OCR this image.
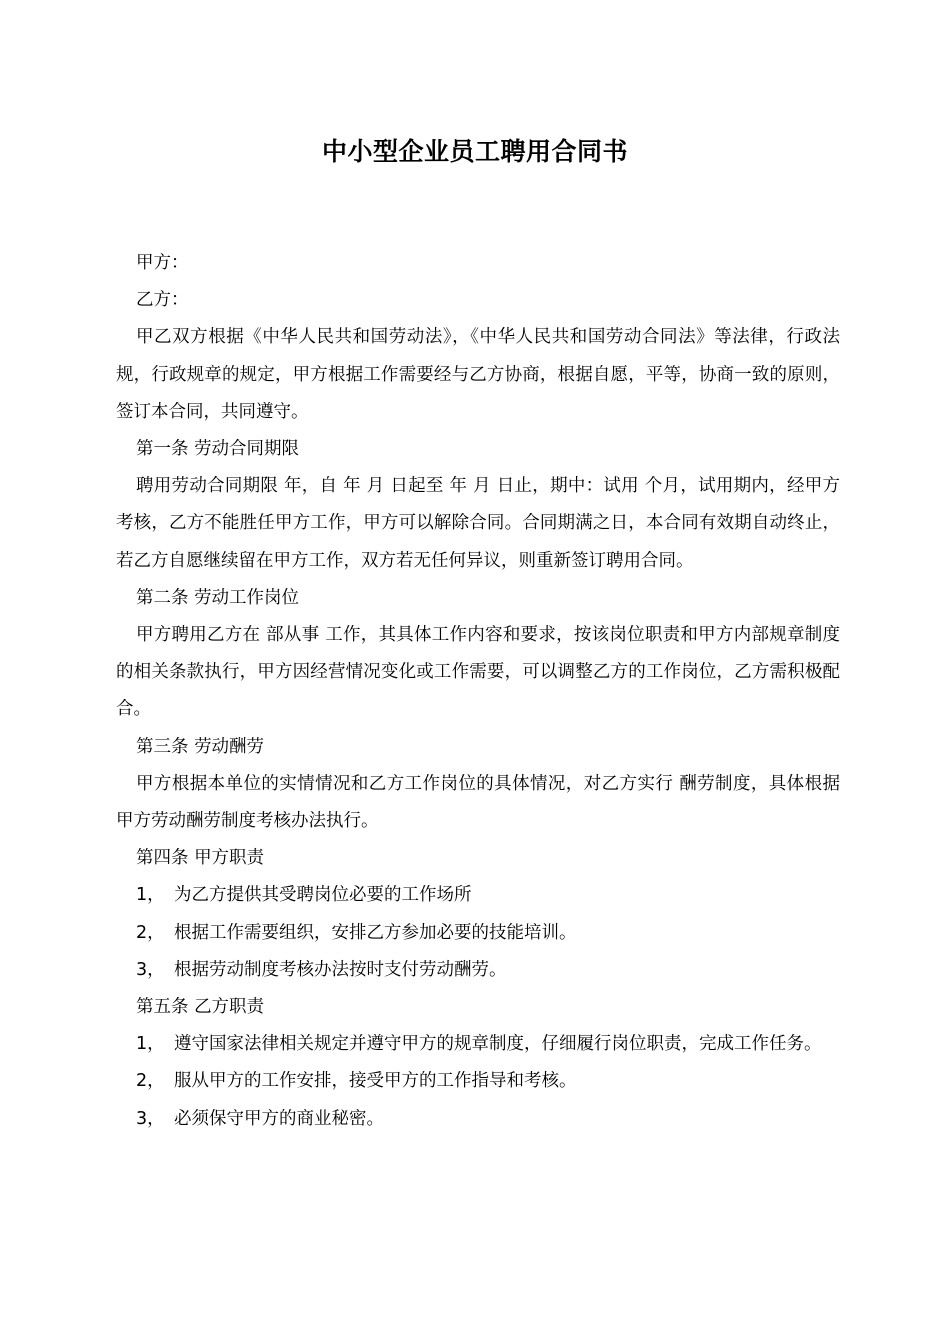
中小型企业员工聘用合同书

甲方：

乙方：

甲乙双方根据《中华人民共和国劳动法》，《中华人民共和国劳动合同法》等法律，行政法规，行政规章的规定，甲方根据工作需要经与乙方协商，根据自愿，平等，协商一致的原则，签订本合同，共同遵守。

第一条 劳动合同期限

聘用劳动合同期限 年，自 年 月 日起至 年 月 日止，期中：试用 个月，试用期内，经甲方考核，乙方不能胜任甲方工作，甲方可以解除合同。合同期满之日，本合同有效期自动终止，若乙方自愿继续留在甲方工作，双方若无任何异议，则重新签订聘用合同。

第二条 劳动工作岗位

甲方聘用乙方在 部从事 工作，其具体工作内容和要求，按该岗位职责和甲方内部规章制度的相关条款执行，甲方因经营情况变化或工作需要，可以调整乙方的工作岗位，乙方需积极配合。

第三条 劳动酬劳

甲方根据本单位的实情情况和乙方工作岗位的具体情况，对乙方实行 酬劳制度，具体根据甲方劳动酬劳制度考核办法执行。

第四条 甲方职责

1， 为乙方提供其受聘岗位必要的工作场所

2， 根据工作需要组织，安排乙方参加必要的技能培训。

3， 根据劳动制度考核办法按时支付劳动酬劳。

第五条 乙方职责

1， 遵守国家法律相关规定并遵守甲方的规章制度，仔细履行岗位职责，完成工作任务。

2， 服从甲方的工作安排，接受甲方的工作指导和考核。

3， 必须保守甲方的商业秘密。
